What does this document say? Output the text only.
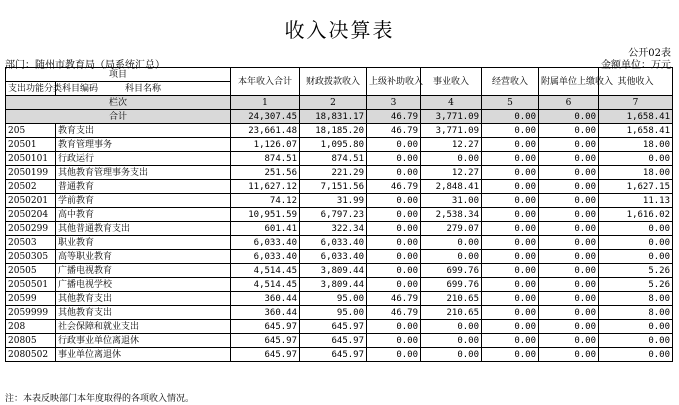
收入决算表
公开02表
部门：随州市教育局（局系统汇总）	金额单位：万元
项目		本年收入合计	财政拨款收入	上级补助收入	事业收入	经营收入	附属单位上缴收入	其他收入
支出功能分类科目编码	科目名称							
栏次		1	2	3	4	5	6	7
合计		24,307.45	18,831.17	46.79	3,771.09	0.00	0.00	1,658.41
205	教育支出	23,661.48	18,185.20	46.79	3,771.09	0.00	0.00	1,658.41
20501	教育管理事务	1,126.07	1,095.80	0.00	12.27	0.00	0.00	18.00
2050101	行政运行	874.51	874.51	0.00	0.00	0.00	0.00	0.00
2050199	其他教育管理事务支出	251.56	221.29	0.00	12.27	0.00	0.00	18.00
20502	普通教育	11,627.12	7,151.56	46.79	2,848.41	0.00	0.00	1,627.15
2050201	学前教育	74.12	31.99	0.00	31.00	0.00	0.00	11.13
2050204	高中教育	10,951.59	6,797.23	0.00	2,538.34	0.00	0.00	1,616.02
2050299	其他普通教育支出	601.41	322.34	0.00	279.07	0.00	0.00	0.00
20503	职业教育	6,033.40	6,033.40	0.00	0.00	0.00	0.00	0.00
2050305	高等职业教育	6,033.40	6,033.40	0.00	0.00	0.00	0.00	0.00
20505	广播电视教育	4,514.45	3,809.44	0.00	699.76	0.00	0.00	5.26
2050501	广播电视学校	4,514.45	3,809.44	0.00	699.76	0.00	0.00	5.26
20599	其他教育支出	360.44	95.00	46.79	210.65	0.00	0.00	8.00
2059999	其他教育支出	360.44	95.00	46.79	210.65	0.00	0.00	8.00
208	社会保障和就业支出	645.97	645.97	0.00	0.00	0.00	0.00	0.00
20805	行政事业单位离退休	645.97	645.97	0.00	0.00	0.00	0.00	0.00
2080502	事业单位离退休	645.97	645.97	0.00	0.00	0.00	0.00	0.00
注：本表反映部门本年度取得的各项收入情况。
